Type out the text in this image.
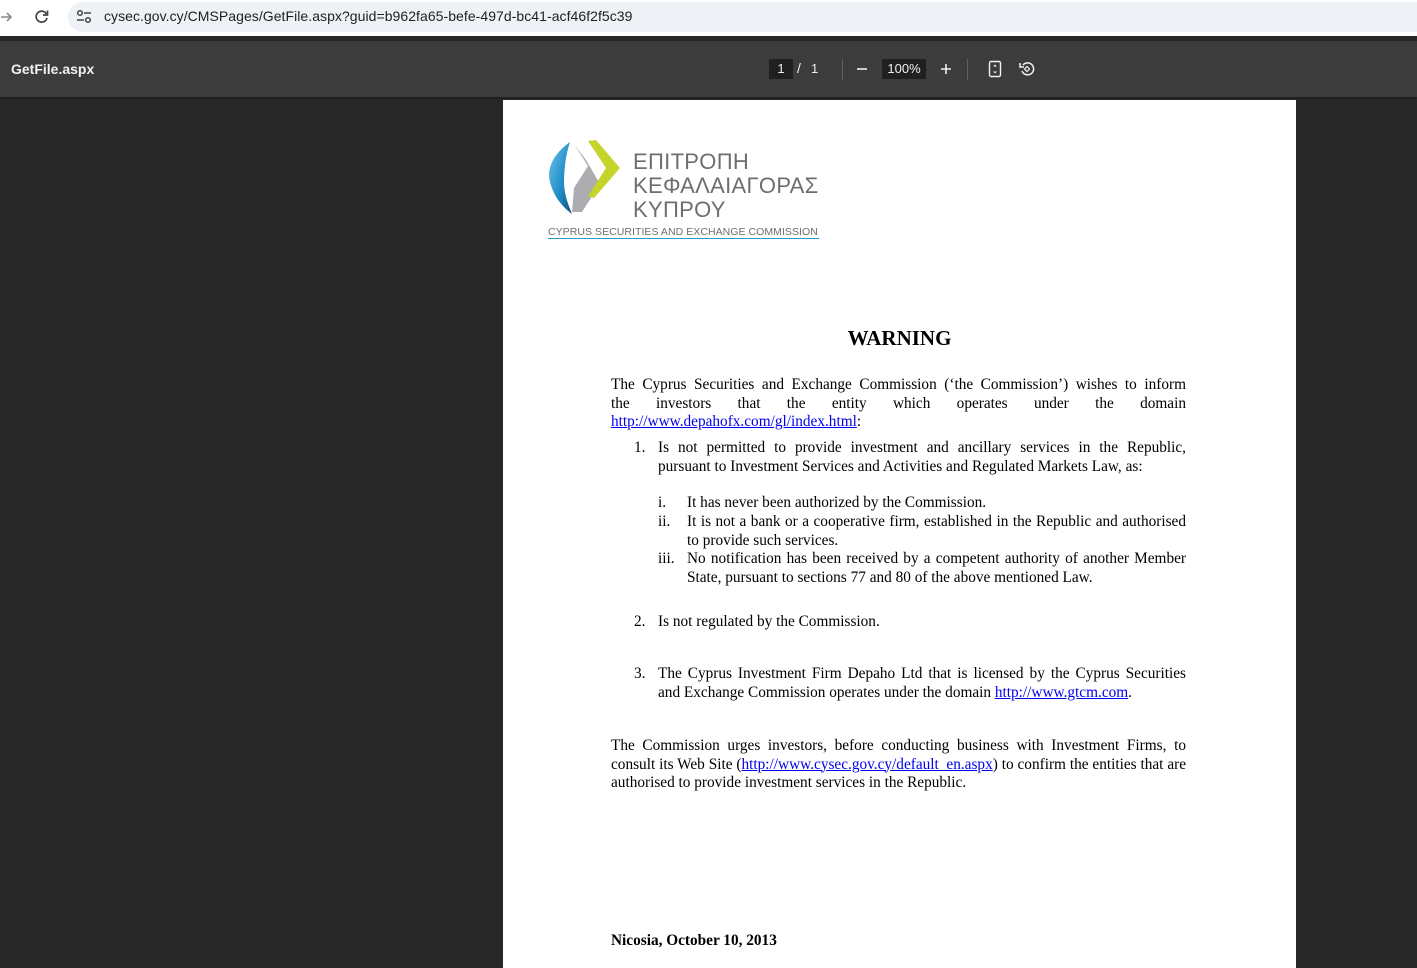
cysec.gov.cy/CMSPages/GetFile.aspx?guid=b962fa65-befe-497d-bc41-acf46f2f5c39
GetFile.aspx	1 / 1	100%
ΕΠΙΤΡΟΠΗ
ΚΕΦΑΛΑΙΑΓΟΡΑΣ
ΚΥΠΡΟΥ
CYPRUS SECURITIES AND EXCHANGE COMMISSION
WARNING
The Cyprus Securities and Exchange Commission (‘the Commission’) wishes to inform
the investors that the entity which operates under the domain
http://www.depahofx.com/gl/index.html:
1. Is not permitted to provide investment and ancillary services in the Republic, pursuant to Investment Services and Activities and Regulated Markets Law, as:
i. It has never been authorized by the Commission.
ii. It is not a bank or a cooperative firm, established in the Republic and authorised to provide such services.
iii. No notification has been received by a competent authority of another Member State, pursuant to sections 77 and 80 of the above mentioned Law.
2. Is not regulated by the Commission.
3. The Cyprus Investment Firm Depaho Ltd that is licensed by the Cyprus Securities and Exchange Commission operates under the domain http://www.gtcm.com.
The Commission urges investors, before conducting business with Investment Firms, to consult its Web Site (http://www.cysec.gov.cy/default_en.aspx) to confirm the entities that are authorised to provide investment services in the Republic.
Nicosia, October 10, 2013
